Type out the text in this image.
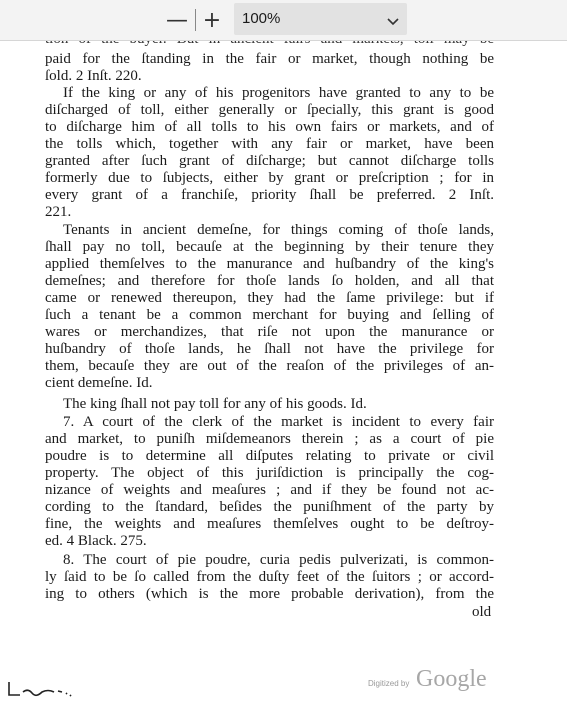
— + 100%
paid for the ſtanding in the fair or market, though nothing be
ſold. 2 Inſt. 220.
If the king or any of his progenitors have granted to any to be
diſcharged of toll, either generally or ſpecially, this grant is good
to diſcharge him of all tolls to his own fairs or markets, and of
the tolls which, together with any fair or market, have been
granted after ſuch grant of diſcharge; but cannot diſcharge tolls
formerly due to ſubjects, either by grant or preſcription ; for in
every grant of a franchiſe, priority ſhall be preferred. 2 Inſt.
221.
Tenants in ancient demeſne, for things coming of thoſe lands,
ſhall pay no toll, becauſe at the beginning by their tenure they
applied themſelves to the manurance and huſbandry of the king's
demeſnes; and therefore for thoſe lands ſo holden, and all that
came or renewed thereupon, they had the ſame privilege: but if
ſuch a tenant be a common merchant for buying and ſelling of
wares or merchandizes, that riſe not upon the manurance or
huſbandry of thoſe lands, he ſhall not have the privilege for
them, becauſe they are out of the reaſon of the privileges of an-
cient demeſne. Id.
The king ſhall not pay toll for any of his goods. Id.
7. A court of the clerk of the market is incident to every fair
and market, to puniſh miſdemeanors therein ; as a court of pie
poudre is to determine all diſputes relating to private or civil
property. The object of this juriſdiction is principally the cog-
nizance of weights and meaſures ; and if they be found not ac-
cording to the ſtandard, beſides the puniſhment of the party by
fine, the weights and meaſures themſelves ought to be deſtroy-
ed. 4 Black. 275.
8. The court of pie poudre, curia pedis pulverizati, is common-
ly ſaid to be ſo called from the duſty feet of the ſuitors ; or accord-
ing to others (which is the more probable derivation), from the
old
Digitized by Google
